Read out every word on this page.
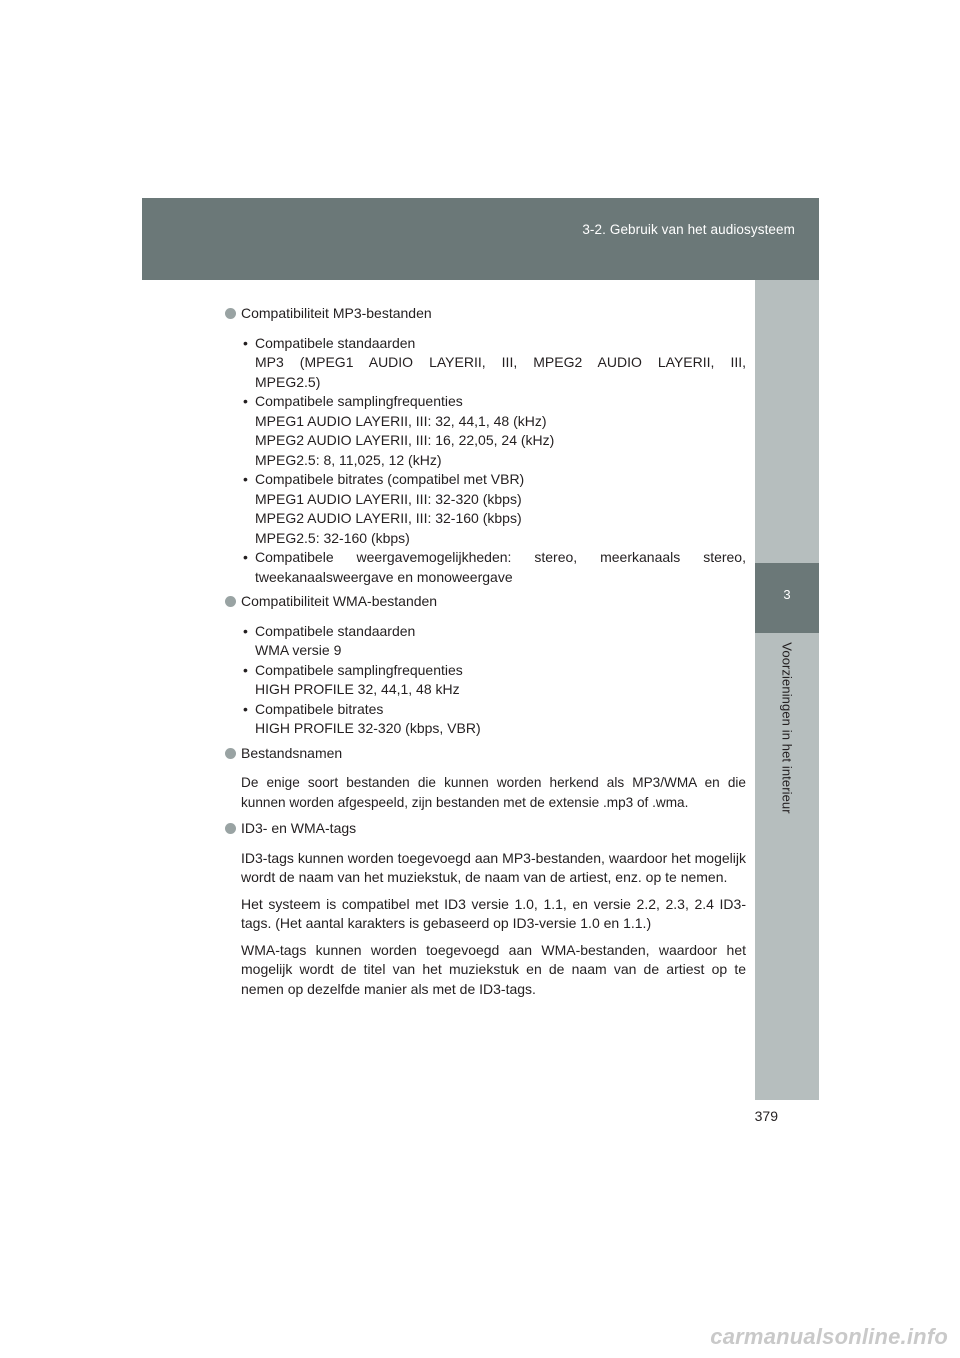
3-2. Gebruik van het audiosysteem
3
Voorzieningen in het interieur
Compatibiliteit MP3-bestanden
• Compatibele standaarden
MP3 (MPEG1 AUDIO LAYERII, III, MPEG2 AUDIO LAYERII, III,
MPEG2.5)
• Compatibele samplingfrequenties
MPEG1 AUDIO LAYERII, III: 32, 44,1, 48 (kHz)
MPEG2 AUDIO LAYERII, III: 16, 22,05, 24 (kHz)
MPEG2.5: 8, 11,025, 12 (kHz)
• Compatibele bitrates (compatibel met VBR)
MPEG1 AUDIO LAYERII, III: 32-320 (kbps)
MPEG2 AUDIO LAYERII, III: 32-160 (kbps)
MPEG2.5: 32-160 (kbps)
• Compatibele weergavemogelijkheden: stereo, meerkanaals stereo,
tweekanaalsweergave en monoweergave
Compatibiliteit WMA-bestanden
• Compatibele standaarden
WMA versie 9
• Compatibele samplingfrequenties
HIGH PROFILE 32, 44,1, 48 kHz
• Compatibele bitrates
HIGH PROFILE 32-320 (kbps, VBR)
Bestandsnamen

De enige soort bestanden die kunnen worden herkend als MP3/WMA en die kunnen worden afgespeeld, zijn bestanden met de extensie .mp3 of .wma.

ID3- en WMA-tags

ID3-tags kunnen worden toegevoegd aan MP3-bestanden, waardoor het mogelijk wordt de naam van het muziekstuk, de naam van de artiest, enz. op te nemen.

Het systeem is compatibel met ID3 versie 1.0, 1.1, en versie 2.2, 2.3, 2.4 ID3-tags. (Het aantal karakters is gebaseerd op ID3-versie 1.0 en 1.1.)

WMA-tags kunnen worden toegevoegd aan WMA-bestanden, waardoor het mogelijk wordt de titel van het muziekstuk en de naam van de artiest op te nemen op dezelfde manier als met de ID3-tags.

379
carmanualsonline.info
